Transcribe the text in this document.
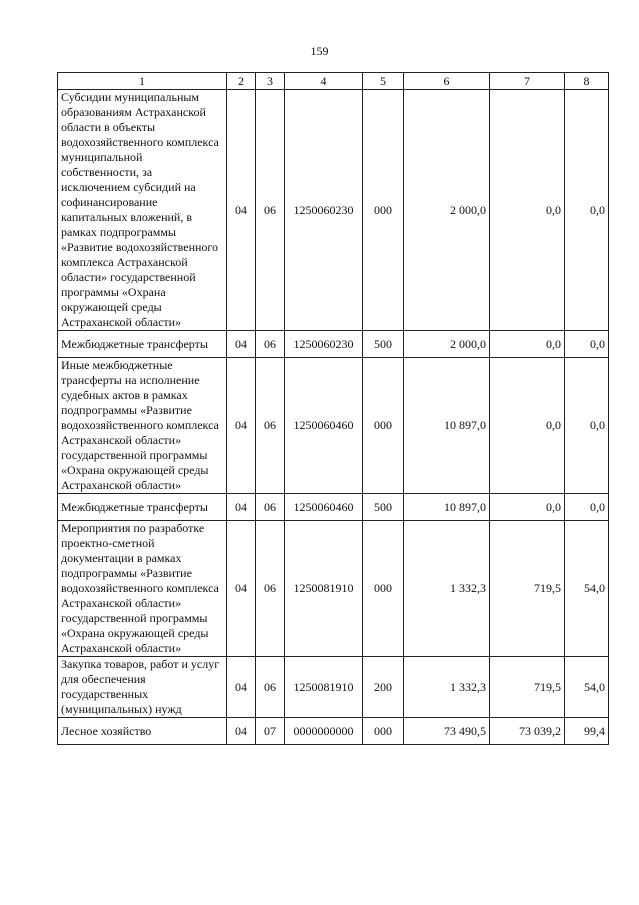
159
1	2	3	4	5	6	7	8
Субсидии муниципальным образованиям Астраханской области в объекты водохозяйственного комплекса муниципальной собственности, за исключением субсидий на софинансирование капитальных вложений, в рамках подпрограммы «Развитие водохозяйственного комплекса Астраханской области» государственной программы «Охрана окружающей среды Астраханской области»	04	06	1250060230	000	2 000,0	0,0	0,0
Межбюджетные трансферты	04	06	1250060230	500	2 000,0	0,0	0,0
Иные межбюджетные трансферты на исполнение судебных актов в рамках подпрограммы «Развитие водохозяйственного комплекса Астраханской области» государственной программы «Охрана окружающей среды Астраханской области»	04	06	1250060460	000	10 897,0	0,0	0,0
Межбюджетные трансферты	04	06	1250060460	500	10 897,0	0,0	0,0
Мероприятия по разработке проектно-сметной документации в рамках подпрограммы «Развитие водохозяйственного комплекса Астраханской области» государственной программы «Охрана окружающей среды Астраханской области»	04	06	1250081910	000	1 332,3	719,5	54,0
Закупка товаров, работ и услуг для обеспечения государственных (муниципальных) нужд	04	06	1250081910	200	1 332,3	719,5	54,0
Лесное хозяйство	04	07	0000000000	000	73 490,5	73 039,2	99,4
